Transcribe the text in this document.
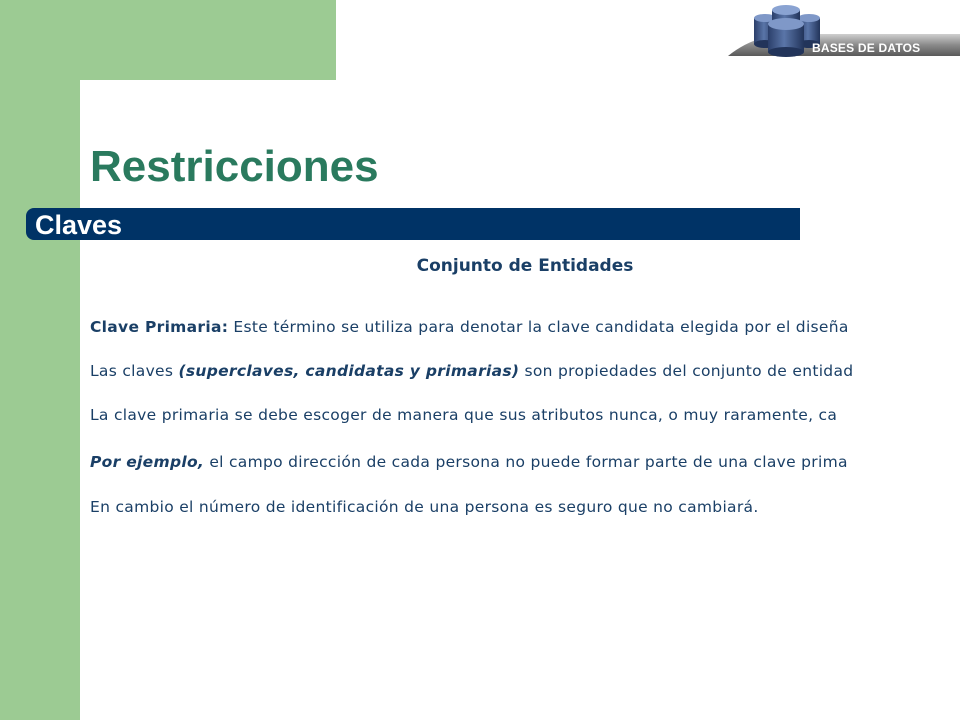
BASES DE DATOS
Restricciones
Claves
Conjunto de Entidades
Clave Primaria: Este término se utiliza para denotar la clave candidata elegida por el diseña
Las claves (superclaves, candidatas y primarias) son propiedades del conjunto de entidad
La clave primaria se debe escoger de manera que sus atributos nunca, o muy raramente, ca
Por ejemplo, el campo dirección de cada persona no puede formar parte de una clave prima
En cambio el número de identificación de una persona es seguro que no cambiará.
